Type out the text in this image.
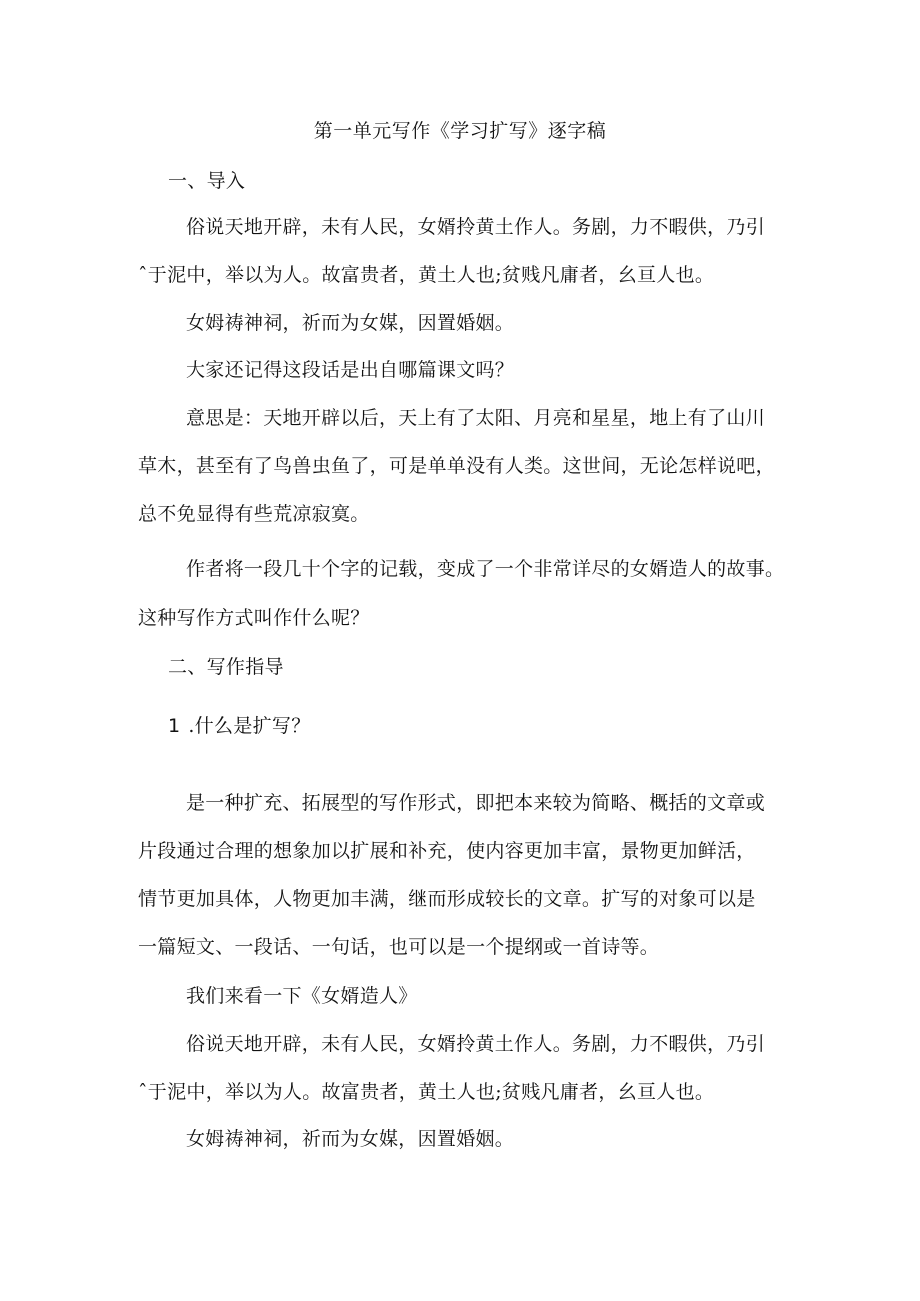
第一单元写作《学习扩写》逐字稿
一、导入
俗说天地开辟，未有人民，女婿拎黄土作人。务剧，力不暇供，乃引
ˆ于泥中，举以为人。故富贵者，黄土人也;贫贱凡庸者，幺亘人也。
女姆祷神祠，祈而为女媒，因置婚姻。
大家还记得这段话是出自哪篇课文吗？
意思是：天地开辟以后，天上有了太阳、月亮和星星，地上有了山川
草木，甚至有了鸟兽虫鱼了，可是单单没有人类。这世间，无论怎样说吧，
总不免显得有些荒凉寂寞。
作者将一段几十个字的记载，变成了一个非常详尽的女婿造人的故事。
这种写作方式叫作什么呢？
二、写作指导
1 .什么是扩写？
是一种扩充、拓展型的写作形式，即把本来较为简略、概括的文章或
片段通过合理的想象加以扩展和补充，使内容更加丰富，景物更加鲜活，
情节更加具体，人物更加丰满，继而形成较长的文章。扩写的对象可以是
一篇短文、一段话、一句话，也可以是一个提纲或一首诗等。
我们来看一下《女婿造人》
俗说天地开辟，未有人民，女婿拎黄土作人。务剧，力不暇供，乃引
ˆ于泥中，举以为人。故富贵者，黄土人也;贫贱凡庸者，幺亘人也。
女姆祷神祠，祈而为女媒，因置婚姻。
